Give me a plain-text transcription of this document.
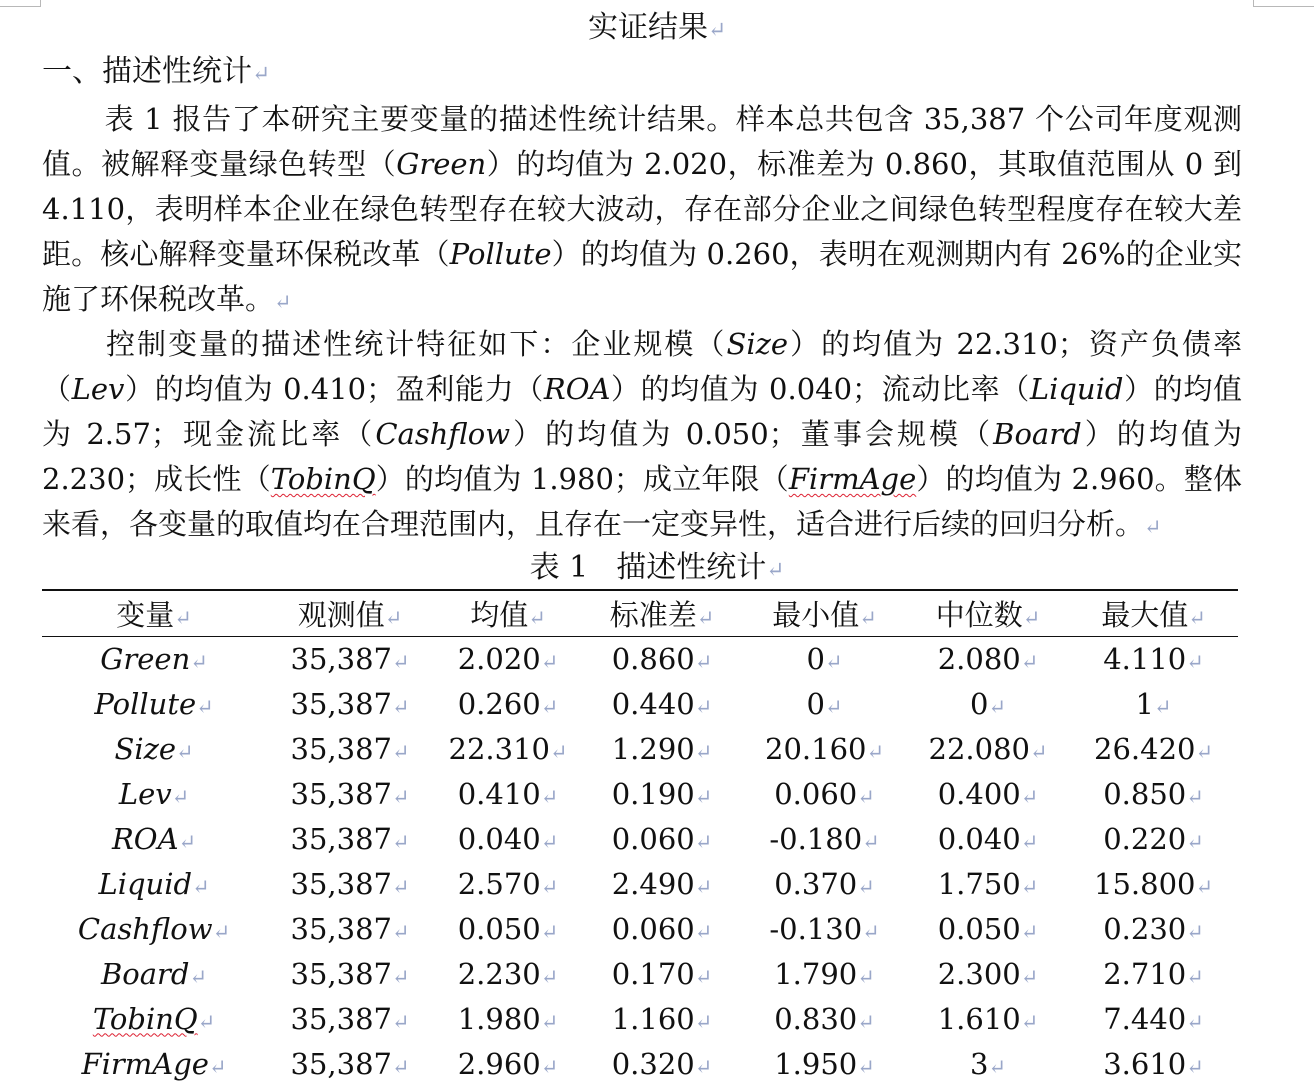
实证结果↵
一、描述性统计↵

表 1 报告了本研究主要变量的描述性统计结果。样本总共包含 35,387 个公司年度观测值。被解释变量绿色转型（Green）的均值为 2.020，标准差为 0.860，其取值范围从 0 到 4.110，表明样本企业在绿色转型存在较大波动，存在部分企业之间绿色转型程度存在较大差距。核心解释变量环保税改革（Pollute）的均值为 0.260，表明在观测期内有 26%的企业实施了环保税改革。↵

控制变量的描述性统计特征如下：企业规模（Size）的均值为 22.310；资产负债率（Lev）的均值为 0.410；盈利能力（ROA）的均值为 0.040；流动比率（Liquid）的均值为 2.57；现金流比率（Cashflow）的均值为 0.050；董事会规模（Board）的均值为 2.230；成长性（TobinQ）的均值为 1.980；成立年限（FirmAge）的均值为 2.960。整体来看，各变量的取值均在合理范围内，且存在一定变异性，适合进行后续的回归分析。↵

表 1 描述性统计↵
变量↵	观测值↵	均值↵	标准差↵	最小值↵	中位数↵	最大值↵
Green↵	35,387↵	2.020↵	0.860↵	0↵	2.080↵	4.110↵
Pollute↵	35,387↵	0.260↵	0.440↵	0↵	0↵	1↵
Size↵	35,387↵	22.310↵	1.290↵	20.160↵	22.080↵	26.420↵
Lev↵	35,387↵	0.410↵	0.190↵	0.060↵	0.400↵	0.850↵
ROA↵	35,387↵	0.040↵	0.060↵	-0.180↵	0.040↵	0.220↵
Liquid↵	35,387↵	2.570↵	2.490↵	0.370↵	1.750↵	15.800↵
Cashflow↵	35,387↵	0.050↵	0.060↵	-0.130↵	0.050↵	0.230↵
Board↵	35,387↵	2.230↵	0.170↵	1.790↵	2.300↵	2.710↵
TobinQ↵	35,387↵	1.980↵	1.160↵	0.830↵	1.610↵	7.440↵
FirmAge↵	35,387↵	2.960↵	0.320↵	1.950↵	3↵	3.610↵
